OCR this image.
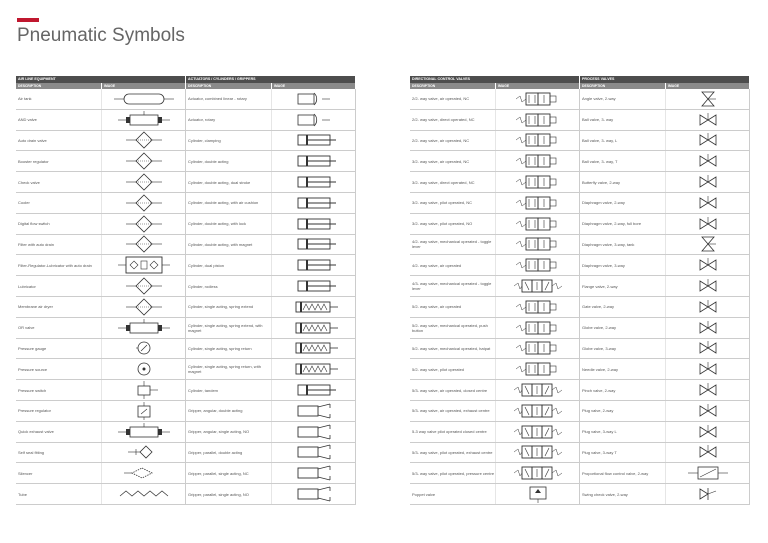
Pneumatic Symbols
AIR LINE EQUIPMENT	ACTUATORS / CYLINDERS / GRIPPERS
DESCRIPTION	IMAGE	DESCRIPTION	IMAGE
Air tank	Actuator, combined linear - rotary
AND valve	Actuator, rotary
Auto drain valve	Cylinder, clamping
Booster regulator	Cylinder, double acting
Check valve	Cylinder, double acting, dual stroke
Cooler	Cylinder, double acting, with air cushion
Digital flow switch	Cylinder, double acting, with lock
Filter with auto drain	Cylinder, double acting, with magnet
Filter-Regulator-Lubricator with auto drain	Cylinder, dual piston
Lubricator	Cylinder, rodless
Membrane air dryer	Cylinder, single acting, spring extend
OR valve	Cylinder, single acting, spring extend, with magnet
Pressure gauge	Cylinder, single acting, spring return
Pressure source	Cylinder, single acting, spring return, with magnet
Pressure switch	Cylinder, tandem
Pressure regulator	Gripper, angular, double acting
Quick exhaust valve	Gripper, angular, single acting, NO
Self seal fitting	Gripper, parallel, double acting
Silencer	Gripper, parallel, single acting, NC
Tube	Gripper, parallel, single acting, NO
DIRECTIONAL CONTROL VALVES	PROCESS VALVES
DESCRIPTION	IMAGE	DESCRIPTION	IMAGE
2/2- way valve, air operated, NC	Angle valve, 2-way
2/2- way valve, direct operated, NC	Ball valve, 3- way
2/2- way valve, air operated, NC	Ball valve, 3- way, L
3/2- way valve, air operated, NC	Ball valve, 3- way, T
3/2- way valve, direct operated, NC	Butterfly valve, 2-way
3/2- way valve, pilot operated, NC	Diaphragm valve, 2-way
3/2- way valve, pilot operated, NO	Diaphragm valve, 2-way, full bore
4/2- way valve, mechanical operated - toggle lever	Diaphragm valve, 3-way, tank
4/2- way valve, air operated	Diaphragm valve, 3-way
4/3- way valve, mechanical operated - toggle lever	Flange valve, 2-way
5/2- way valve, air operated	Gate valve, 2-way
5/2- way valve, mechanical operated, push button	Globe valve, 2-way
5/2- way valve, mechanical operated, hatpat	Globe valve, 3-way
5/2- way valve, pilot operated	Needle valve, 2-way
5/3- way valve, air operated, closed centre	Pinch valve, 2-way
5/3- way valve, air operated, exhaust centre	Plug valve, 2-way
5-3 way valve pilot operated closed centre	Plug valve, 3-way L
5/3- way valve, pilot operated, exhaust centre	Plug valve, 3-way T
5/3- way valve, pilot operated, pressure centre	Proportional flow control valve, 2-way
Poppet valve	Swing check valve, 2-way
